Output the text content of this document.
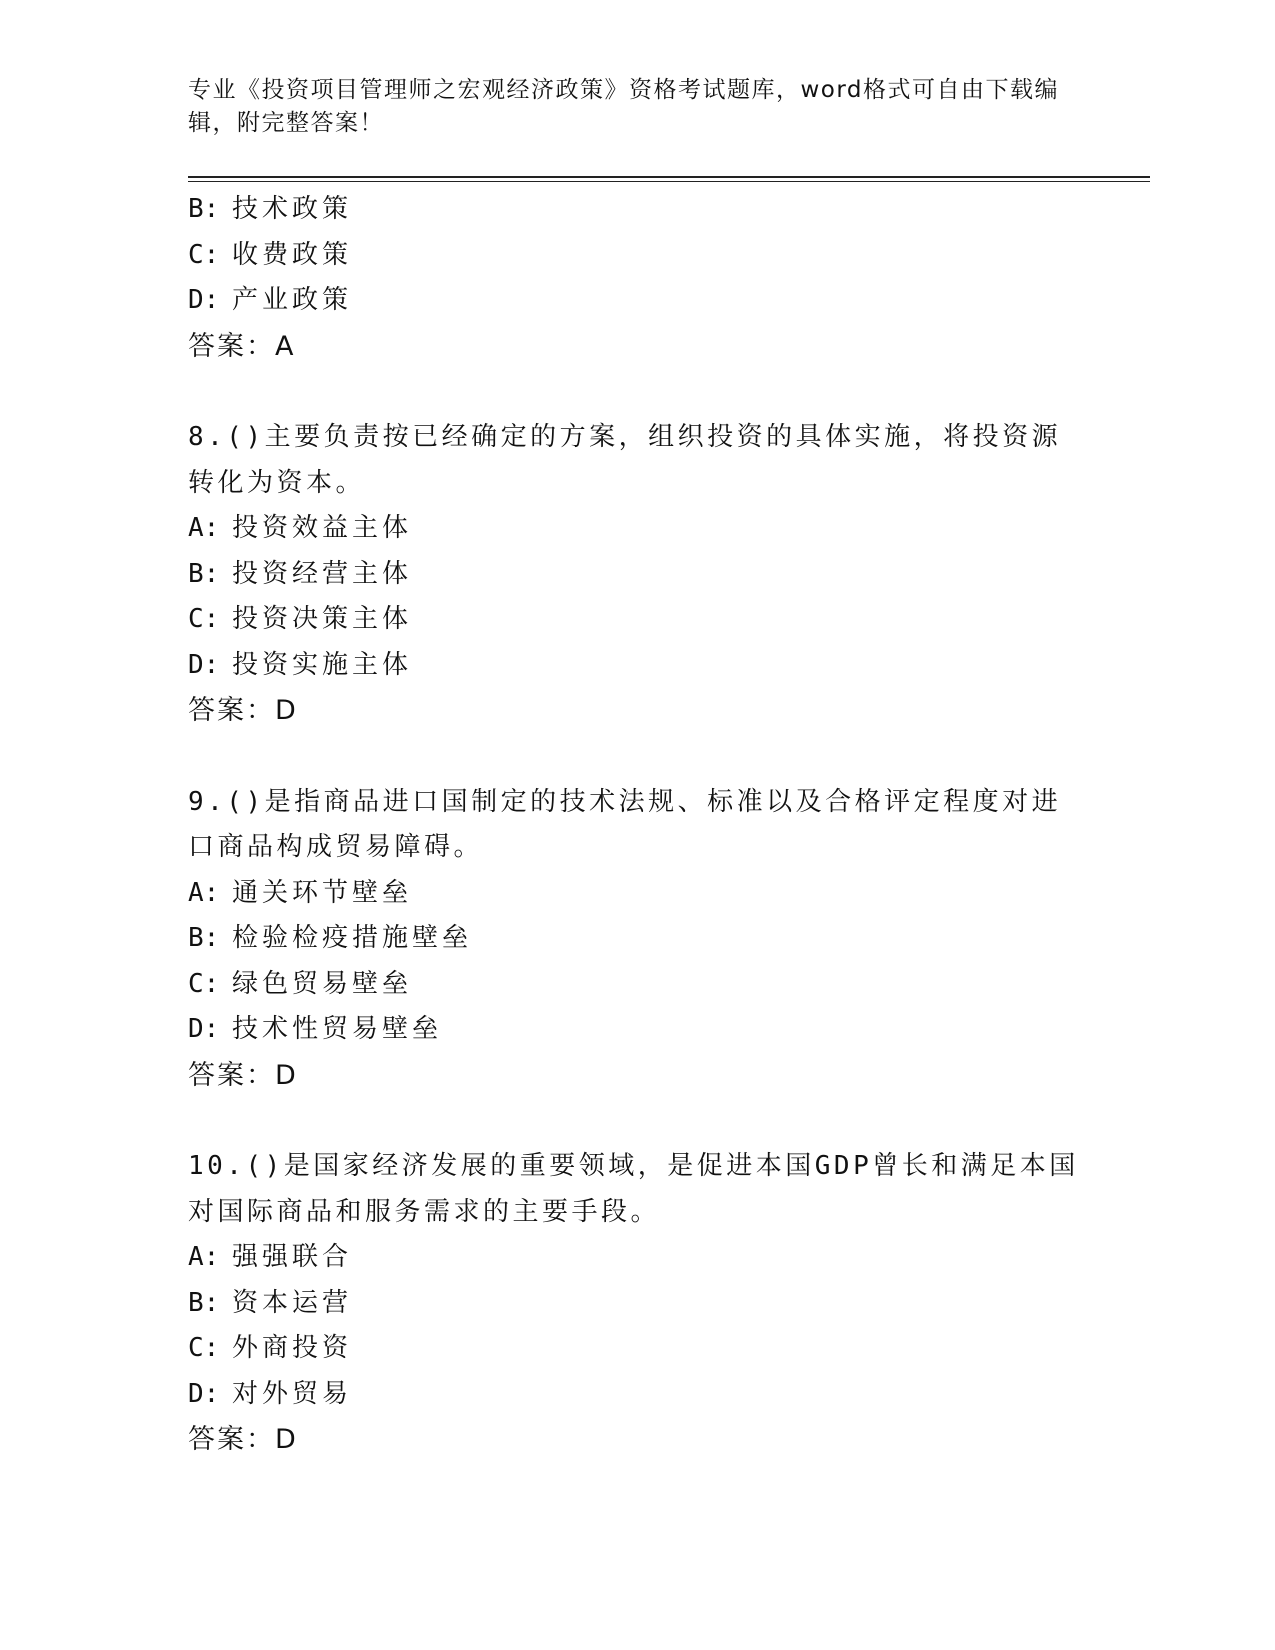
专业《投资项目管理师之宏观经济政策》资格考试题库，word格式可自由下载编辑，附完整答案！
B: 技术政策
C: 收费政策
D: 产业政策
答案：A
8.()主要负责按已经确定的方案，组织投资的具体实施，将投资源转化为资本。
A: 投资效益主体
B: 投资经营主体
C: 投资决策主体
D: 投资实施主体
答案：D
9.()是指商品进口国制定的技术法规、标准以及合格评定程度对进口商品构成贸易障碍。
A: 通关环节壁垒
B: 检验检疫措施壁垒
C: 绿色贸易壁垒
D: 技术性贸易壁垒
答案：D
10.()是国家经济发展的重要领域，是促进本国GDP曾长和满足本国对国际商品和服务需求的主要手段。
A: 强强联合
B: 资本运营
C: 外商投资
D: 对外贸易
答案：D
